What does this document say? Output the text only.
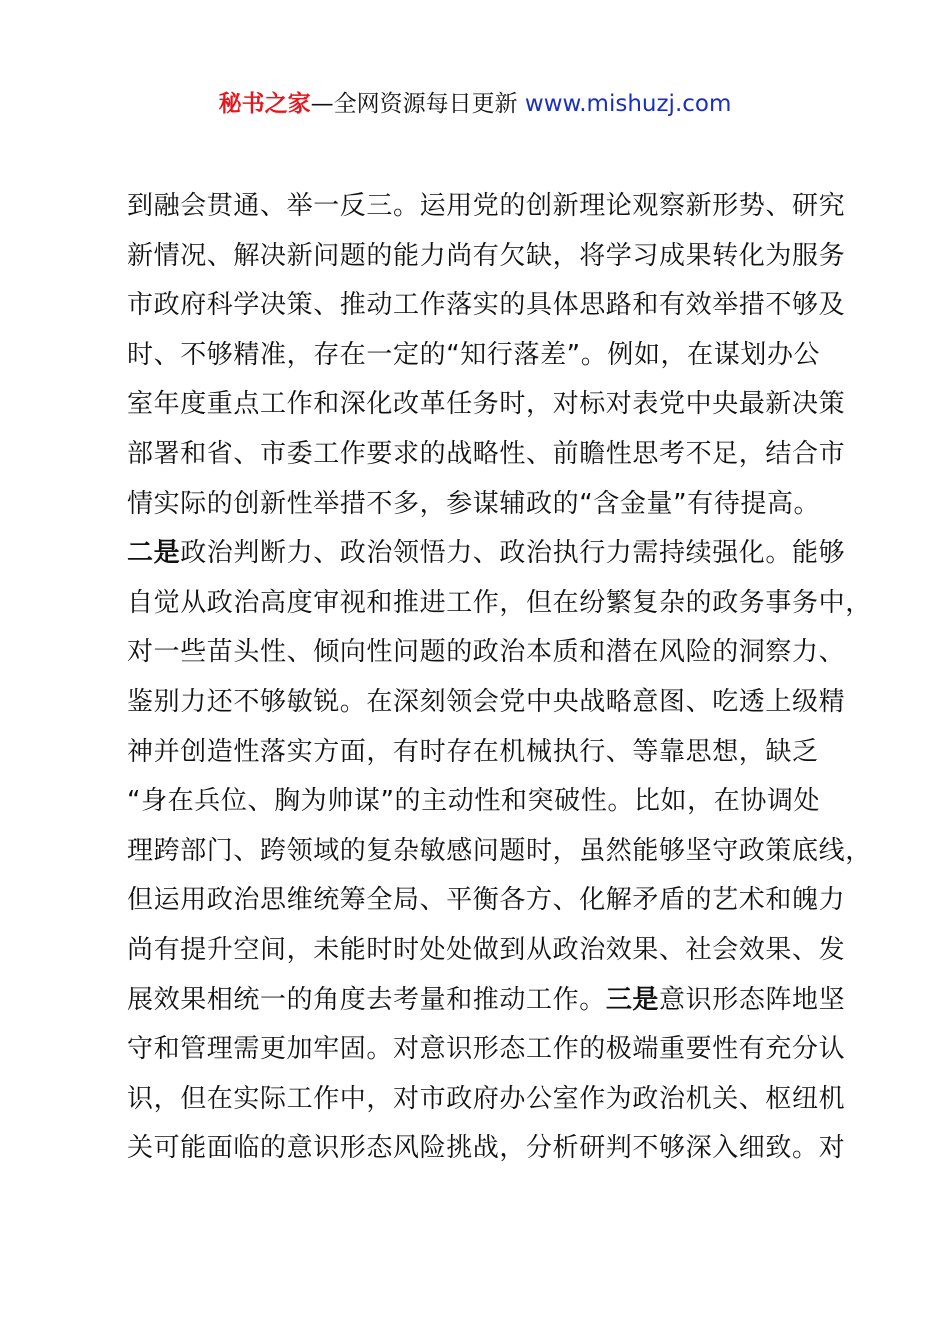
秘书之家—全网资源每日更新 www.mishuzj.com
到融会贯通、举一反三。运用党的创新理论观察新形势、研究
新情况、解决新问题的能力尚有欠缺，将学习成果转化为服务
市政府科学决策、推动工作落实的具体思路和有效举措不够及
时、不够精准，存在一定的“知行落差”。例如，在谋划办公
室年度重点工作和深化改革任务时，对标对表党中央最新决策
部署和省、市委工作要求的战略性、前瞻性思考不足，结合市
情实际的创新性举措不多，参谋辅政的“含金量”有待提高。
二是政治判断力、政治领悟力、政治执行力需持续强化。能够
自觉从政治高度审视和推进工作，但在纷繁复杂的政务事务中，
对一些苗头性、倾向性问题的政治本质和潜在风险的洞察力、
鉴别力还不够敏锐。在深刻领会党中央战略意图、吃透上级精
神并创造性落实方面，有时存在机械执行、等靠思想，缺乏
“身在兵位、胸为帅谋”的主动性和突破性。比如，在协调处
理跨部门、跨领域的复杂敏感问题时，虽然能够坚守政策底线，
但运用政治思维统筹全局、平衡各方、化解矛盾的艺术和魄力
尚有提升空间，未能时时处处做到从政治效果、社会效果、发
展效果相统一的角度去考量和推动工作。三是意识形态阵地坚
守和管理需更加牢固。对意识形态工作的极端重要性有充分认
识，但在实际工作中，对市政府办公室作为政治机关、枢纽机
关可能面临的意识形态风险挑战，分析研判不够深入细致。对
